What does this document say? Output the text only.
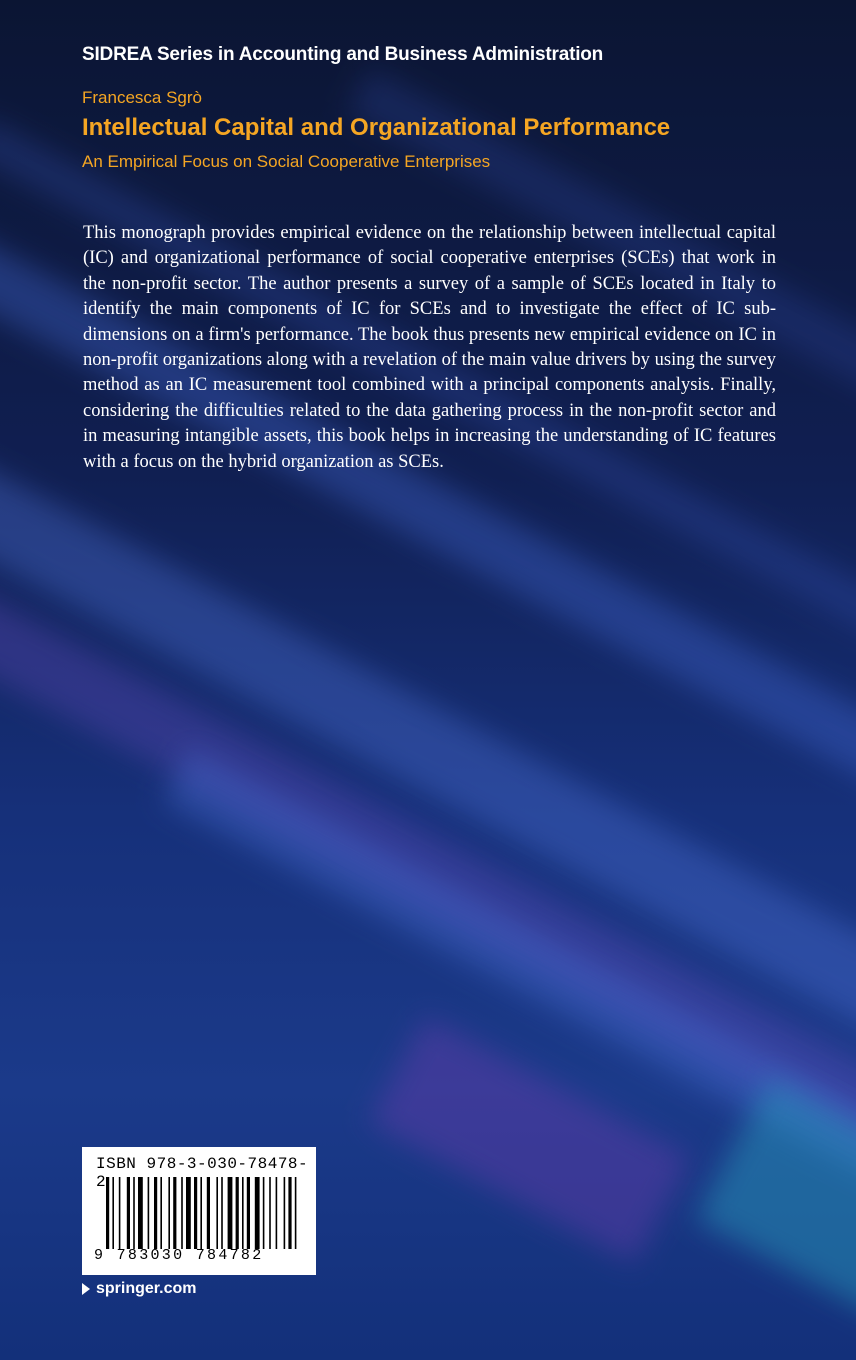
SIDREA Series in Accounting and Business Administration
Francesca Sgrò
Intellectual Capital and Organizational Performance
An Empirical Focus on Social Cooperative Enterprises
This monograph provides empirical evidence on the relationship between intellectual capital (IC) and organizational performance of social cooperative enterprises (SCEs) that work in the non-profit sector. The author presents a survey of a sample of SCEs located in Italy to identify the main components of IC for SCEs and to investigate the effect of IC sub-dimensions on a firm's performance. The book thus presents new empirical evidence on IC in non-profit organizations along with a revelation of the main value drivers by using the survey method as an IC measurement tool combined with a principal components analysis. Finally, considering the difficulties related to the data gathering process in the non-profit sector and in measuring intangible assets, this book helps in increasing the understanding of IC features with a focus on the hybrid organization as SCEs.
ISBN 978-3-030-78478-2
9 783030 784782
springer.com
